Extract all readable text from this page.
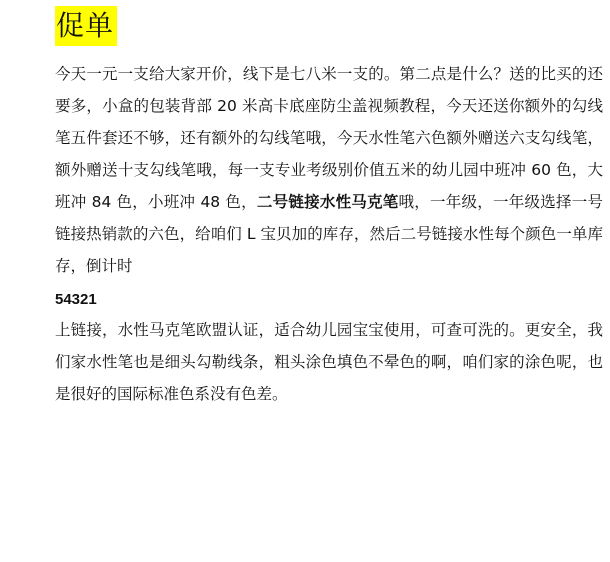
促单

今天一元一支给大家开价，线下是七八米一支的。第二点是什么？送的比买的还要多，小盒的包装背部 20 米高卡底座防尘盖视频教程，今天还送你额外的勾线笔五件套还不够，还有额外的勾线笔哦，今天水性笔六色额外赠送六支勾线笔，额外赠送十支勾线笔哦，每一支专业考级别价值五米的幼儿园中班冲 60 色，大班冲 84 色，小班冲 48 色，二号链接水性马克笔哦，一年级，一年级选择一号链接热销款的六色，给咱们 L 宝贝加的库存，然后二号链接水性每个颜色一单库存，倒计时

54321

上链接，水性马克笔欧盟认证，适合幼儿园宝宝使用，可查可洗的。更安全，我们家水性笔也是细头勾勒线条，粗头涂色填色不晕色的啊，咱们家的涂色呢，也是很好的国际标准色系没有色差。
